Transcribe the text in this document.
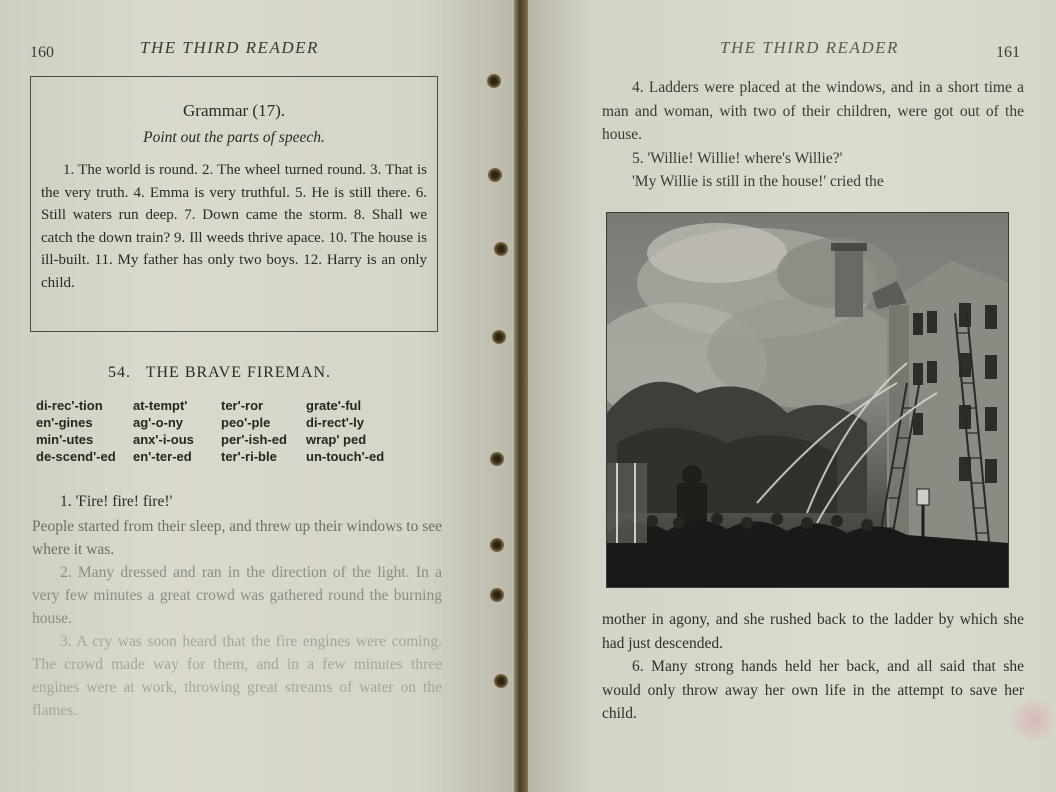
160	THE THIRD READER
Grammar (17).
Point out the parts of speech.
1. The world is round. 2. The wheel turned round. 3. That is the very truth. 4. Emma is very truthful. 5. He is still there. 6. Still waters run deep. 7. Down came the storm. 8. Shall we catch the down train? 9. Ill weeds thrive apace. 10. The house is ill-built. 11. My father has only two boys. 12. Harry is an only child.
54. THE BRAVE FIREMAN.
di-rec'-tion	at-tempt'	ter'-ror	grate'-ful
en'-gines	ag'-o-ny	peo'-ple	di-rect'-ly
min'-utes	anx'-i-ous	per'-ish-ed	wrap' ped
de-scend'-ed	en'-ter-ed	ter'-ri-ble	un-touch'-ed

1. 'Fire! fire! fire!'

People started from their sleep, and threw up their windows to see where it was.

2. Many dressed and ran in the direction of the light. In a very few minutes a great crowd was gathered round the burning house.

3. A cry was soon heard that the fire engines were coming. The crowd made way for them, and in a few minutes three engines were at work, throwing great streams of water on the flames.

THE THIRD READER	161

4. Ladders were placed at the windows, and in a short time a man and woman, with two of their children, were got out of the house.

5. 'Willie! Willie! where's Willie?'

'My Willie is still in the house!' cried the

mother in agony, and she rushed back to the ladder by which she had just descended.

6. Many strong hands held her back, and all said that she would only throw away her own life in the attempt to save her child.
